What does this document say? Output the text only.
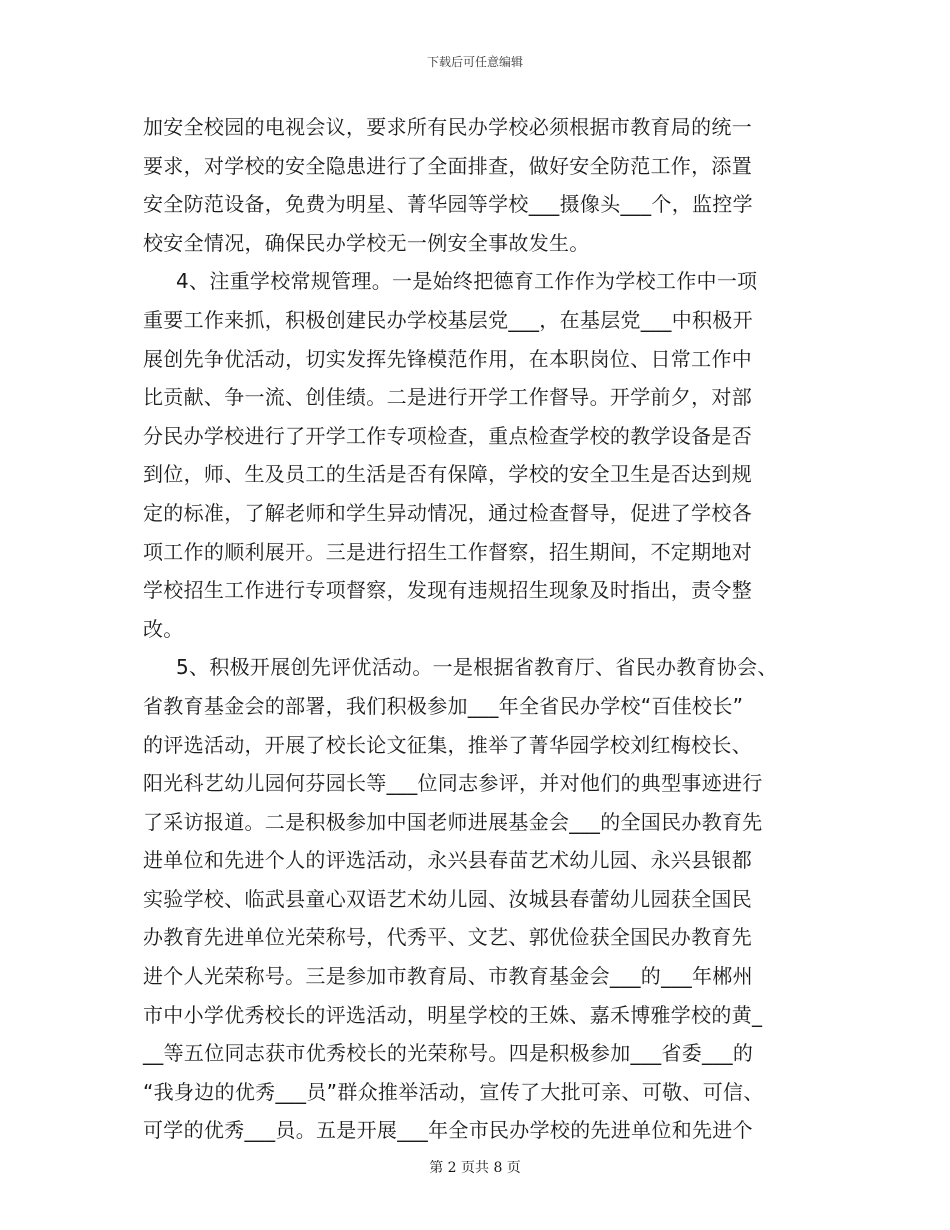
下载后可任意编辑
加安全校园的电视会议，要求所有民办学校必须根据市教育局的统一
要求，对学校的安全隐患进行了全面排查，做好安全防范工作，添置
安全防范设备，免费为明星、菁华园等学校___摄像头___个，监控学
校安全情况，确保民办学校无一例安全事故发生。
4、注重学校常规管理。一是始终把德育工作作为学校工作中一项
重要工作来抓，积极创建民办学校基层党___，在基层党___中积极开
展创先争优活动，切实发挥先锋模范作用，在本职岗位、日常工作中
比贡献、争一流、创佳绩。二是进行开学工作督导。开学前夕，对部
分民办学校进行了开学工作专项检查，重点检查学校的教学设备是否
到位，师、生及员工的生活是否有保障，学校的安全卫生是否达到规
定的标准，了解老师和学生异动情况，通过检查督导，促进了学校各
项工作的顺利展开。三是进行招生工作督察，招生期间，不定期地对
学校招生工作进行专项督察，发现有违规招生现象及时指出，责令整
改。
5、积极开展创先评优活动。一是根据省教育厅、省民办教育协会、
省教育基金会的部署，我们积极参加___年全省民办学校“百佳校长”
的评选活动，开展了校长论文征集，推举了菁华园学校刘红梅校长、
阳光科艺幼儿园何芬园长等___位同志参评，并对他们的典型事迹进行
了采访报道。二是积极参加中国老师进展基金会___的全国民办教育先
进单位和先进个人的评选活动，永兴县春苗艺术幼儿园、永兴县银都
实验学校、临武县童心双语艺术幼儿园、汝城县春蕾幼儿园获全国民
办教育先进单位光荣称号，代秀平、文艺、郭优俭获全国民办教育先
进个人光荣称号。三是参加市教育局、市教育基金会___的___年郴州
市中小学优秀校长的评选活动，明星学校的王姝、嘉禾博雅学校的黄_
__等五位同志获市优秀校长的光荣称号。四是积极参加___省委___的
“我身边的优秀___员”群众推举活动，宣传了大批可亲、可敬、可信、
可学的优秀___员。五是开展___年全市民办学校的先进单位和先进个
第 2 页共 8 页
